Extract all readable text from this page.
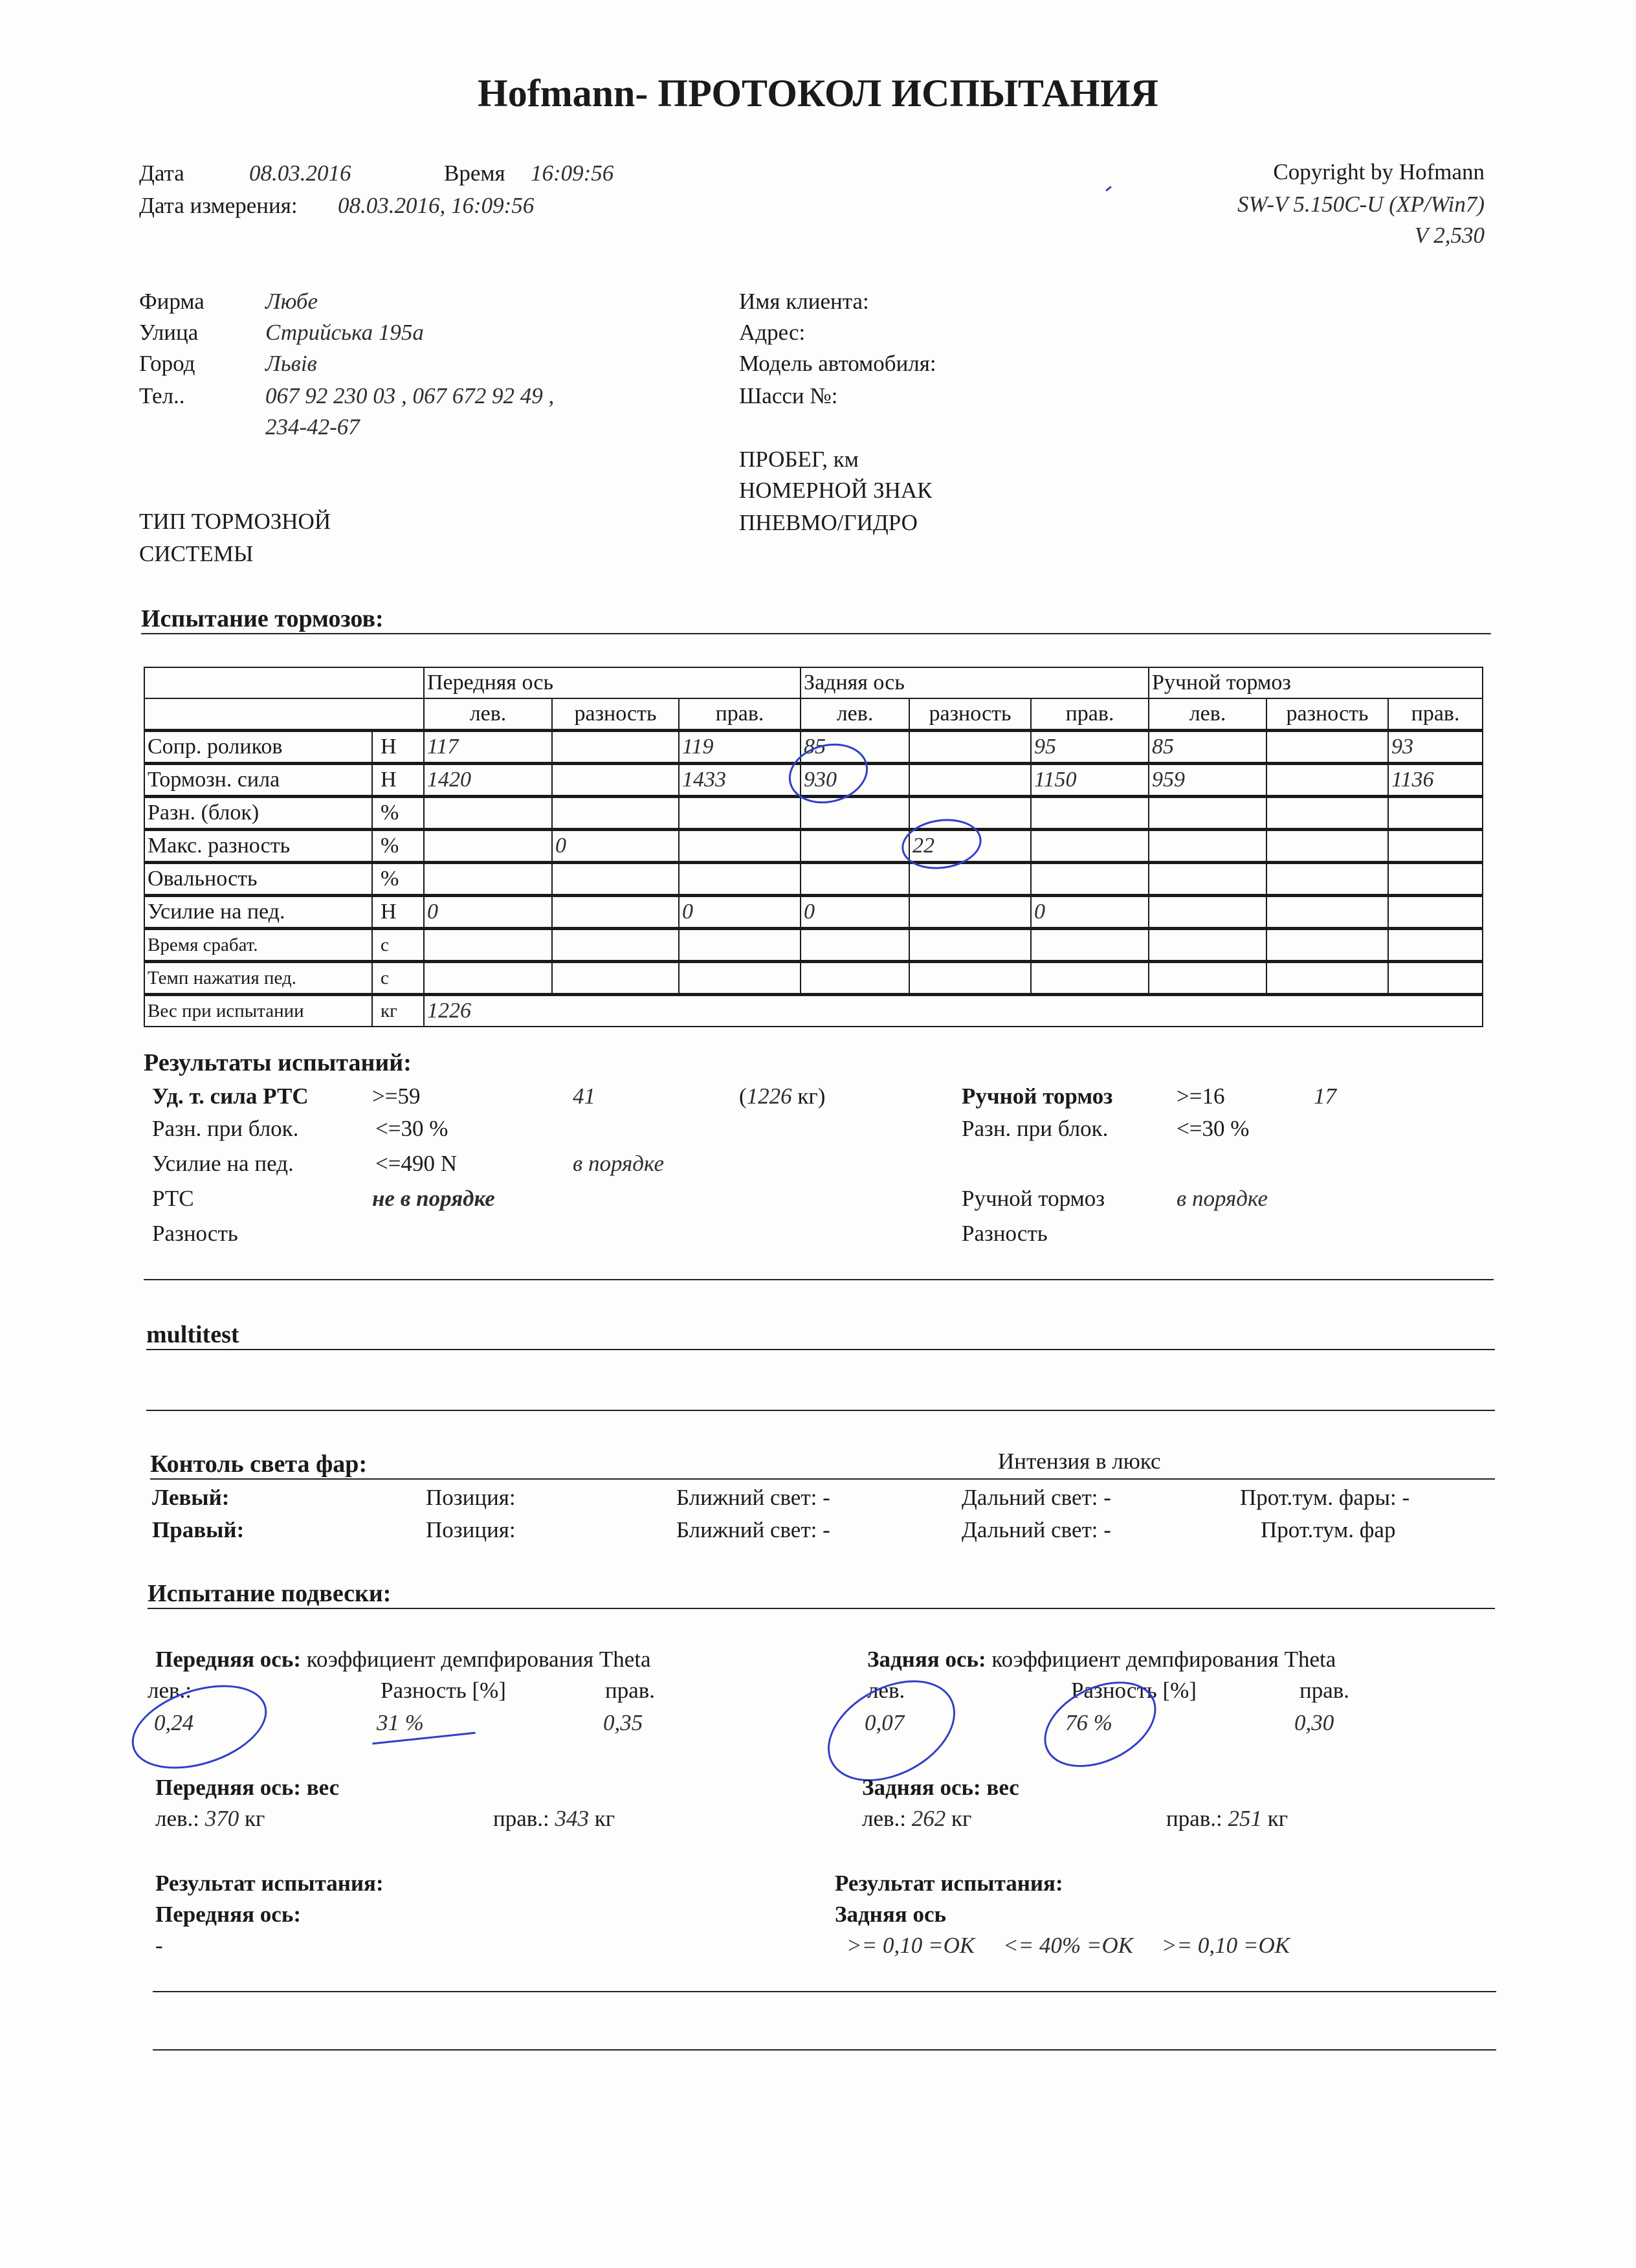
Hofmann- ПРОТОКОЛ ИСПЫТАНИЯ
Дата	08.03.2016	Время 16:09:56
Дата измерения: 08.03.2016, 16:09:56
Copyright by Hofmann
SW-V 5.150C-U (XP/Win7)
V 2,530
Фирма	Любе
Улица	Стрийська 195а
Город	Львів
Тел..	067 92 230 03 , 067 672 92 49 ,
234-42-67
ТИП ТОРМОЗНОЙ
СИСТЕМЫ
Имя клиента:
Адрес:
Модель автомобиля:
Шасси №:
ПРОБЕГ, км
НОМЕРНОЙ ЗНАК
ПНЕВМО/ГИДРО
Испытание тормозов:
		Передняя ось			Задняя ось			Ручной тормоз		
		лев.	разность	прав.	лев.	разность	прав.	лев.	разность	прав.
Сопр. роликов	Н	117		119	85		95	85		93
Тормозн. сила	Н	1420		1433	930		1150	959		1136
Разн. (блок)	%									
Макс. разность	%		0			22				
Овальность	%									
Усилие на пед.	Н	0		0	0		0			
Время срабат.	с									
Темп нажатия пед.	с									
Вес при испытании	кг	1226								
Результаты испытаний:
Уд. т. сила РТС	>=59	41	(1226 кг)
Разн. при блок.	<=30 %
Усилие на пед.	<=490 N	в порядке
РТС	не в порядке
Разность
Ручной тормоз	>=16	17
Разн. при блок.	<=30 %
Ручной тормоз	в порядке
Разность
multitest
Контоль света фар:	Интензия в люкс
Левый:	Позиция:	Ближний свет: -	Дальний свет: -	Прот.тум. фары: -
Правый:	Позиция:	Ближний свет: -	Дальний свет: -	Прот.тум. фар
Испытание подвески:
Передняя ось: коэффициент демпфирования Theta	Задняя ось: коэффициент демпфирования Theta
лев.:	Разность [%]	прав.	лев.	Разность [%]	прав.
0,24	31 %	0,35	0,07	76 %	0,30
Передняя ось: вес	Задняя ось: вес
лев.: 370 кг	прав.: 343 кг	лев.: 262 кг	прав.: 251 кг
Результат испытания:	Результат испытания:
Передняя ось:	Задняя ось
-	>= 0,10 =OK     <= 40% =OK     >= 0,10 =OK
